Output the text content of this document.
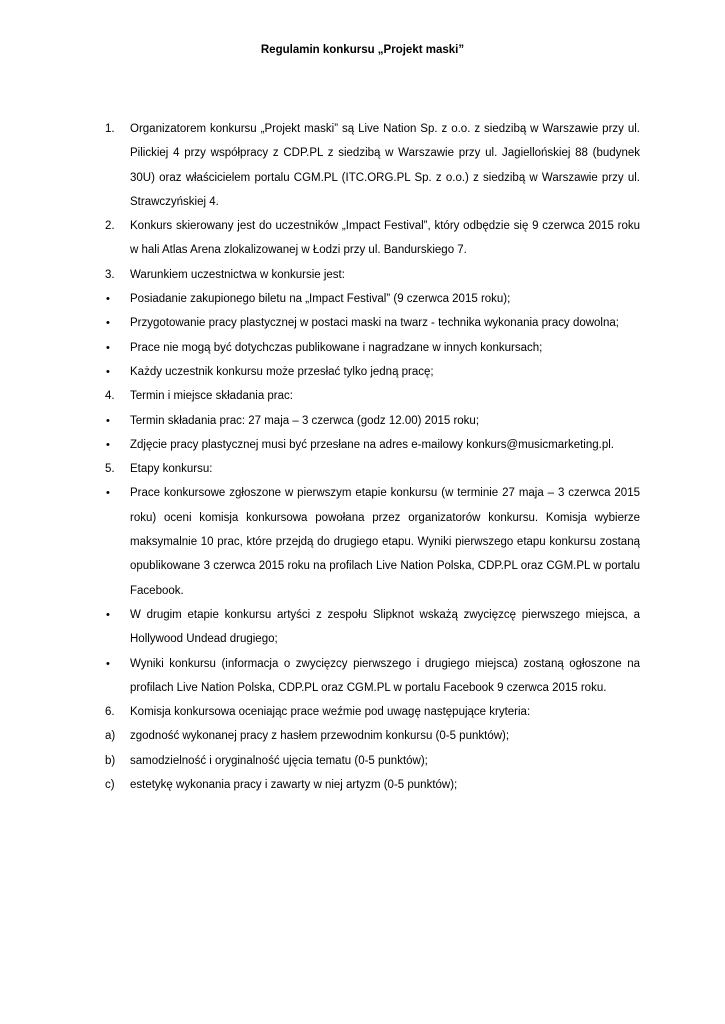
Regulamin konkursu „Projekt maski”
1.	Organizatorem konkursu „Projekt maski” są Live Nation Sp. z o.o. z siedzibą w Warszawie przy ul. Pilickiej 4 przy współpracy z CDP.PL z siedzibą w Warszawie przy ul. Jagiellońskiej 88 (budynek 30U) oraz właścicielem portalu CGM.PL (ITC.ORG.PL Sp. z o.o.) z siedzibą w Warszawie przy ul. Strawczyńskiej 4.
2.	Konkurs skierowany jest do uczestników „Impact Festival”, który odbędzie się 9 czerwca 2015 roku w hali Atlas Arena zlokalizowanej w Łodzi przy ul. Bandurskiego 7.
3.	Warunkiem uczestnictwa w konkursie jest:
•	Posiadanie zakupionego biletu na „Impact Festival” (9 czerwca 2015 roku);
•	Przygotowanie pracy plastycznej w postaci maski na twarz - technika wykonania pracy dowolna;
•	Prace nie mogą być dotychczas publikowane i nagradzane w innych konkursach;
•	Każdy uczestnik konkursu może przesłać tylko jedną pracę;
4.	Termin i miejsce składania prac:
•	Termin składania prac: 27 maja – 3 czerwca (godz 12.00) 2015 roku;
•	Zdjęcie pracy plastycznej musi być przesłane na adres e-mailowy konkurs@musicmarketing.pl.
5.	Etapy konkursu:
•	Prace konkursowe zgłoszone w pierwszym etapie konkursu (w terminie 27 maja – 3 czerwca 2015 roku) oceni komisja konkursowa powołana przez organizatorów konkursu. Komisja wybierze maksymalnie 10 prac, które przejdą do drugiego etapu. Wyniki pierwszego etapu konkursu zostaną opublikowane 3 czerwca 2015 roku na profilach Live Nation Polska, CDP.PL oraz CGM.PL w portalu Facebook.
•	W drugim etapie konkursu artyści z zespołu Slipknot wskażą zwycięzcę pierwszego miejsca, a Hollywood Undead drugiego;
•	Wyniki konkursu (informacja o zwycięzcy pierwszego i drugiego miejsca) zostaną ogłoszone na profilach Live Nation Polska, CDP.PL oraz CGM.PL w portalu Facebook 9 czerwca 2015 roku.
6.	Komisja konkursowa oceniając prace weźmie pod uwagę następujące kryteria:
a)	zgodność wykonanej pracy z hasłem przewodnim konkursu (0-5 punktów);
b)	samodzielność i oryginalność ujęcia tematu (0-5 punktów);
c)	estetykę wykonania pracy i zawarty w niej artyzm (0-5 punktów);
